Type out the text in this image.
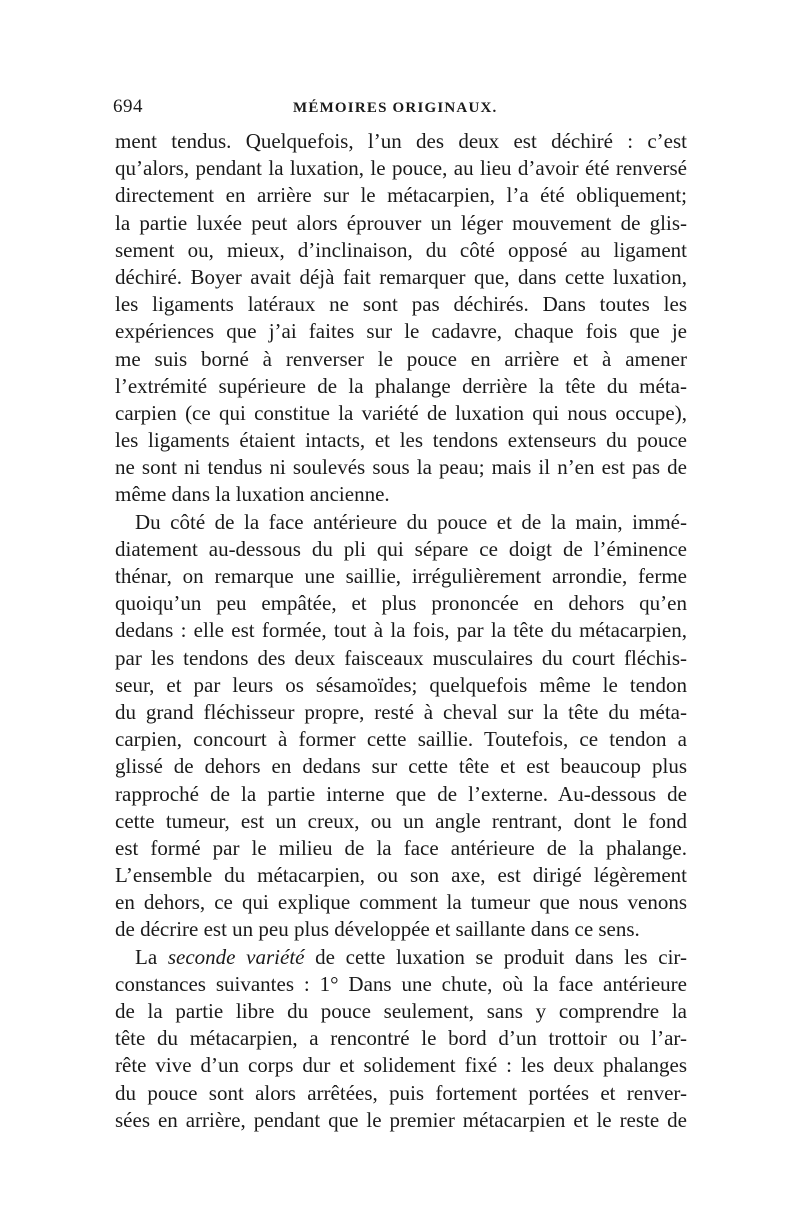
694	MÉMOIRES ORIGINAUX.
ment tendus. Quelquefois, l’un des deux est déchiré : c’est
qu’alors, pendant la luxation, le pouce, au lieu d’avoir été renversé
directement en arrière sur le métacarpien, l’a été obliquement;
la partie luxée peut alors éprouver un léger mouvement de glis-
sement ou, mieux, d’inclinaison, du côté opposé au ligament
déchiré. Boyer avait déjà fait remarquer que, dans cette luxation,
les ligaments latéraux ne sont pas déchirés. Dans toutes les
expériences que j’ai faites sur le cadavre, chaque fois que je
me suis borné à renverser le pouce en arrière et à amener
l’extrémité supérieure de la phalange derrière la tête du méta-
carpien (ce qui constitue la variété de luxation qui nous occupe),
les ligaments étaient intacts, et les tendons extenseurs du pouce
ne sont ni tendus ni soulevés sous la peau; mais il n’en est pas de
même dans la luxation ancienne.
Du côté de la face antérieure du pouce et de la main, immé-
diatement au-dessous du pli qui sépare ce doigt de l’éminence
thénar, on remarque une saillie, irrégulièrement arrondie, ferme
quoiqu’un peu empâtée, et plus prononcée en dehors qu’en
dedans : elle est formée, tout à la fois, par la tête du métacarpien,
par les tendons des deux faisceaux musculaires du court fléchis-
seur, et par leurs os sésamoïdes; quelquefois même le tendon
du grand fléchisseur propre, resté à cheval sur la tête du méta-
carpien, concourt à former cette saillie. Toutefois, ce tendon a
glissé de dehors en dedans sur cette tête et est beaucoup plus
rapproché de la partie interne que de l’externe. Au-dessous de
cette tumeur, est un creux, ou un angle rentrant, dont le fond
est formé par le milieu de la face antérieure de la phalange.
L’ensemble du métacarpien, ou son axe, est dirigé légèrement
en dehors, ce qui explique comment la tumeur que nous venons
de décrire est un peu plus développée et saillante dans ce sens.
La seconde variété de cette luxation se produit dans les cir-
constances suivantes : 1° Dans une chute, où la face antérieure
de la partie libre du pouce seulement, sans y comprendre la
tête du métacarpien, a rencontré le bord d’un trottoir ou l’ar-
rête vive d’un corps dur et solidement fixé : les deux phalanges
du pouce sont alors arrêtées, puis fortement portées et renver-
sées en arrière, pendant que le premier métacarpien et le reste de
